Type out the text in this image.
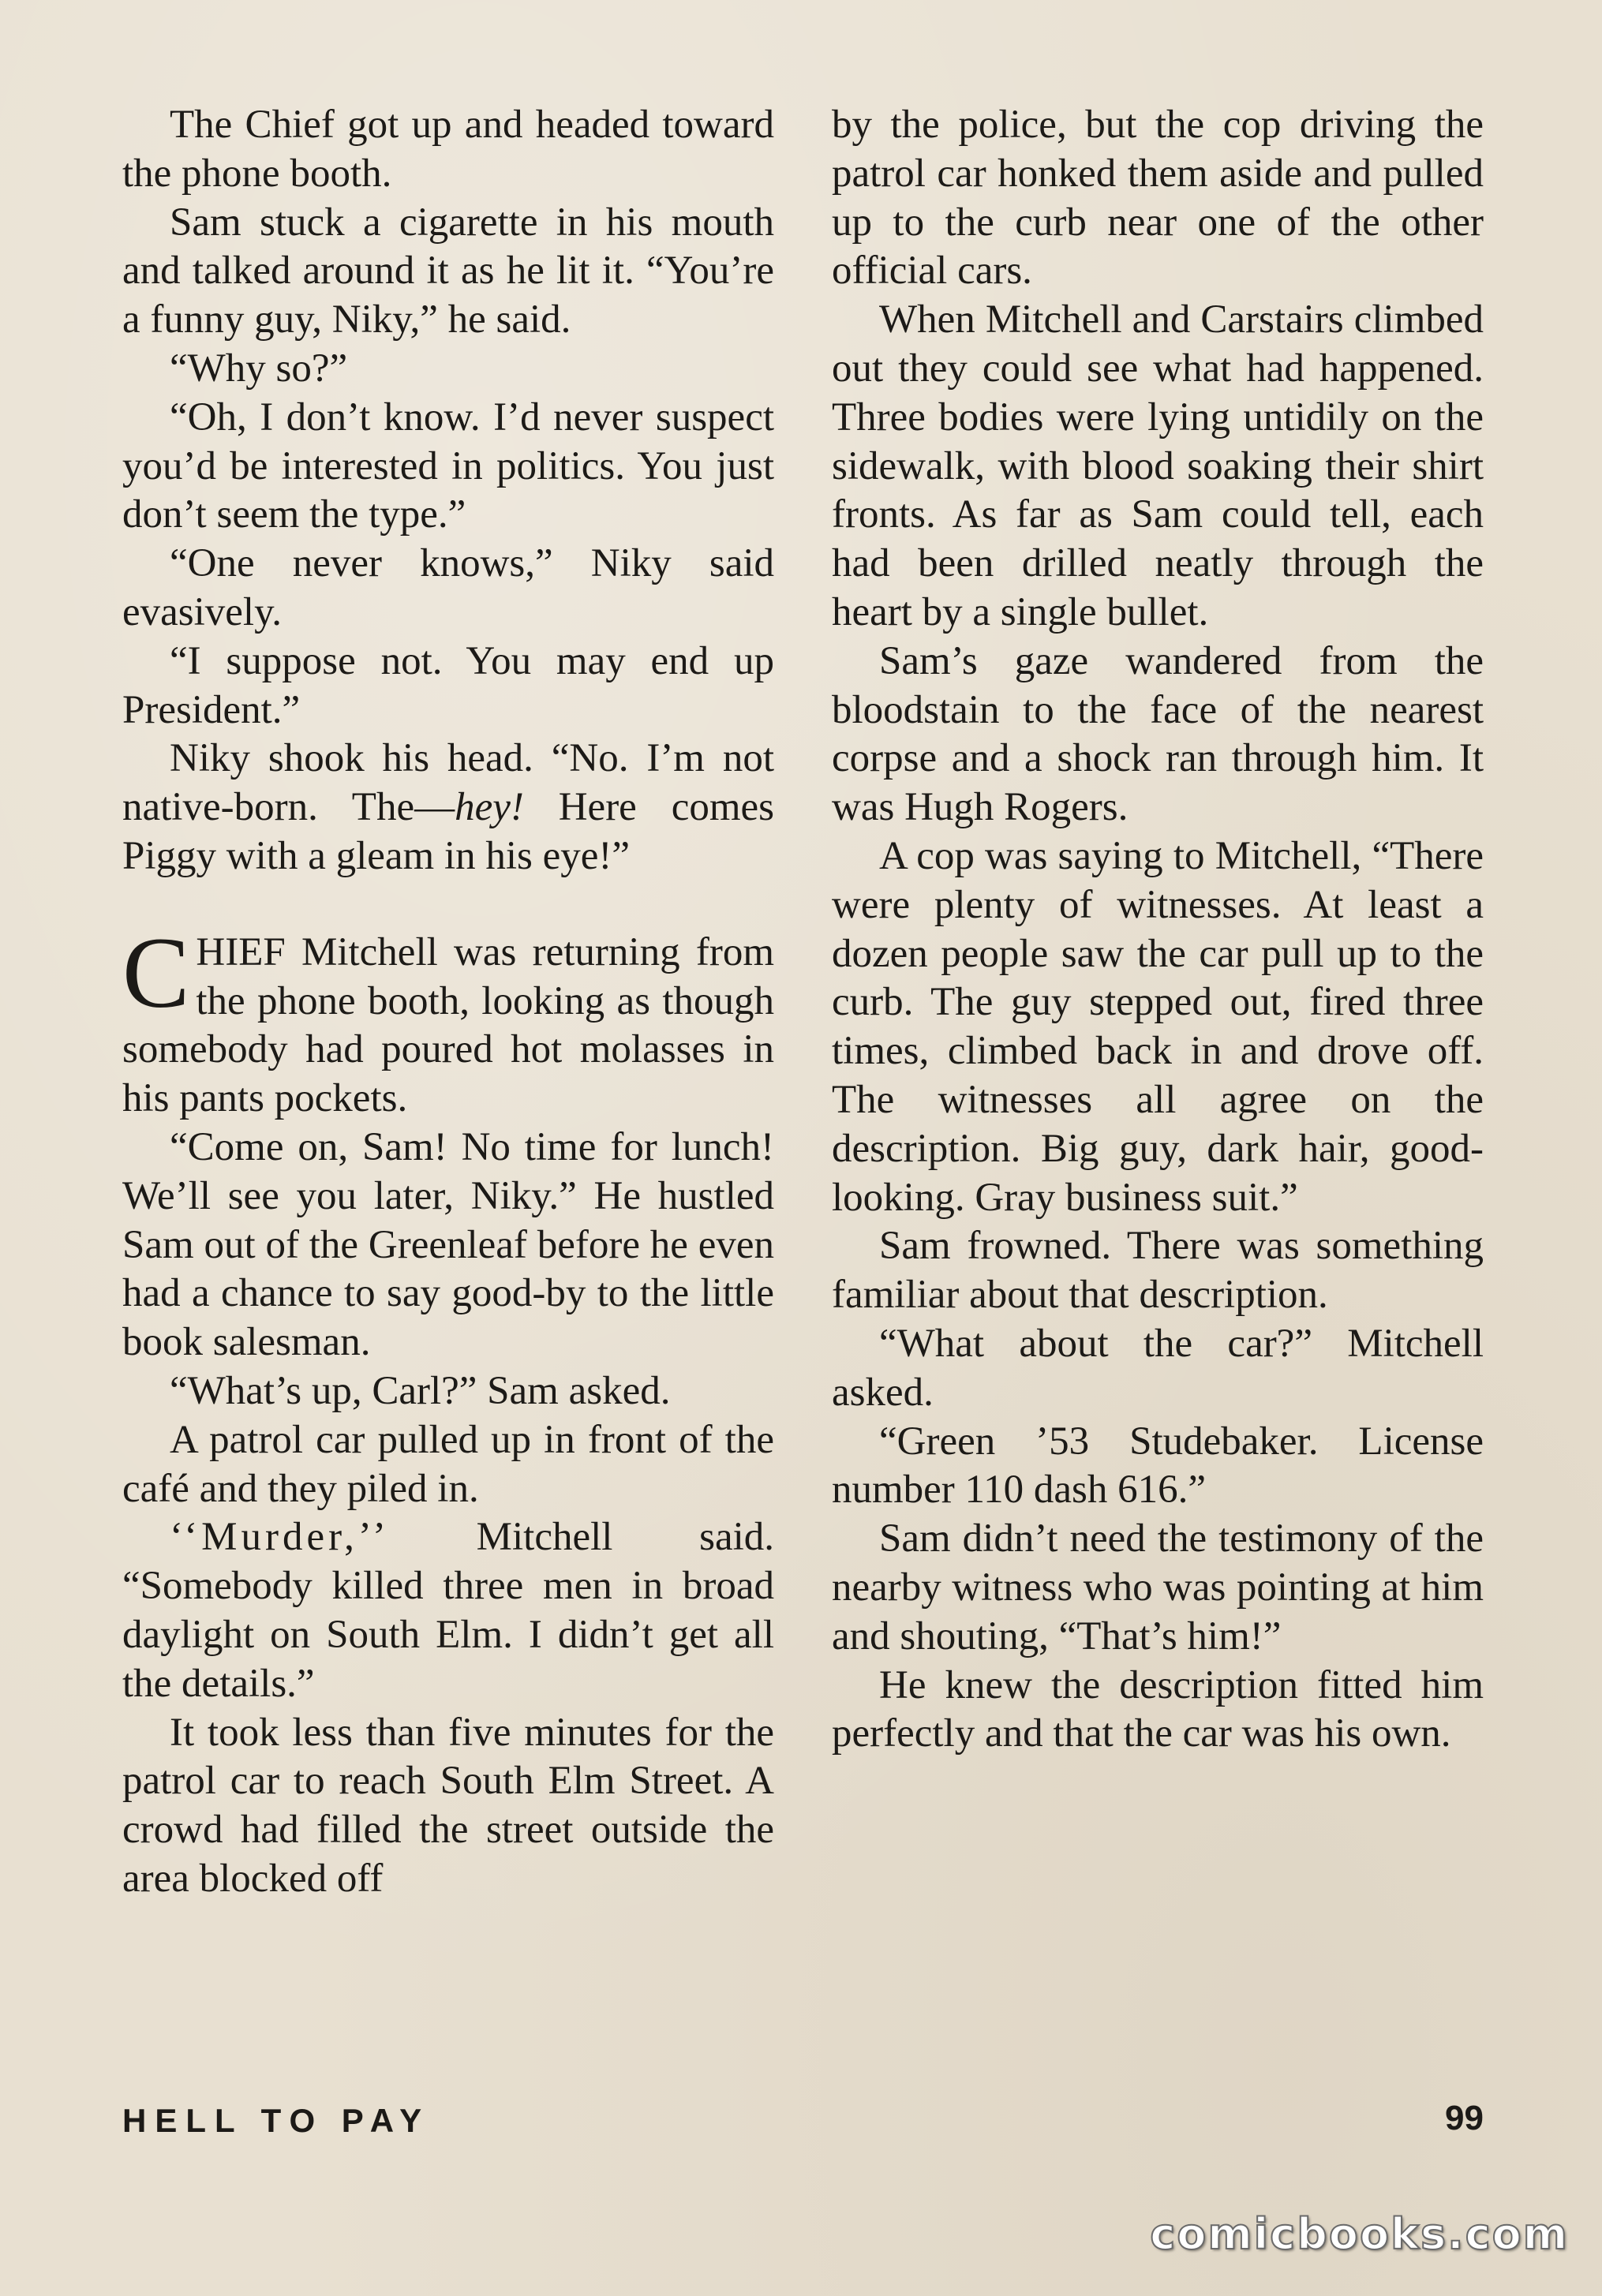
The Chief got up and headed toward the phone booth.

Sam stuck a cigarette in his mouth and talked around it as he lit it. “You’re a funny guy, Niky,” he said.

“Why so?”

“Oh, I don’t know. I’d never suspect you’d be interested in politics. You just don’t seem the type.”

“One never knows,” Niky said evasively.

“I suppose not. You may end up President.”

Niky shook his head. “No. I’m not native-born. The—hey! Here comes Piggy with a gleam in his eye!”

CHIEF Mitchell was returning from the phone booth, looking as though somebody had poured hot molasses in his pants pockets.

“Come on, Sam! No time for lunch! We’ll see you later, Niky.” He hustled Sam out of the Greenleaf before he even had a chance to say good-by to the little book salesman.

“What’s up, Carl?” Sam asked.

A patrol car pulled up in front of the café and they piled in.

‘‘Murder,’’ Mitchell said. “Somebody killed three men in broad daylight on South Elm. I didn’t get all the details.”

It took less than five minutes for the patrol car to reach South Elm Street. A crowd had filled the street outside the area blocked off

by the police, but the cop driving the patrol car honked them aside and pulled up to the curb near one of the other official cars.

When Mitchell and Carstairs climbed out they could see what had happened. Three bodies were lying untidily on the sidewalk, with blood soaking their shirt fronts. As far as Sam could tell, each had been drilled neatly through the heart by a single bullet.

Sam’s gaze wandered from the bloodstain to the face of the nearest corpse and a shock ran through him. It was Hugh Rogers.

A cop was saying to Mitchell, “There were plenty of witnesses. At least a dozen people saw the car pull up to the curb. The guy stepped out, fired three times, climbed back in and drove off. The witnesses all agree on the description. Big guy, dark hair, good-looking. Gray business suit.”

Sam frowned. There was something familiar about that description.

“What about the car?” Mitchell asked.

“Green ’53 Studebaker. License number 110 dash 616.”

Sam didn’t need the testimony of the nearby witness who was pointing at him and shouting, “That’s him!”

He knew the description fitted him perfectly and that the car was his own.

HELL TO PAY	99
comicbooks.com
